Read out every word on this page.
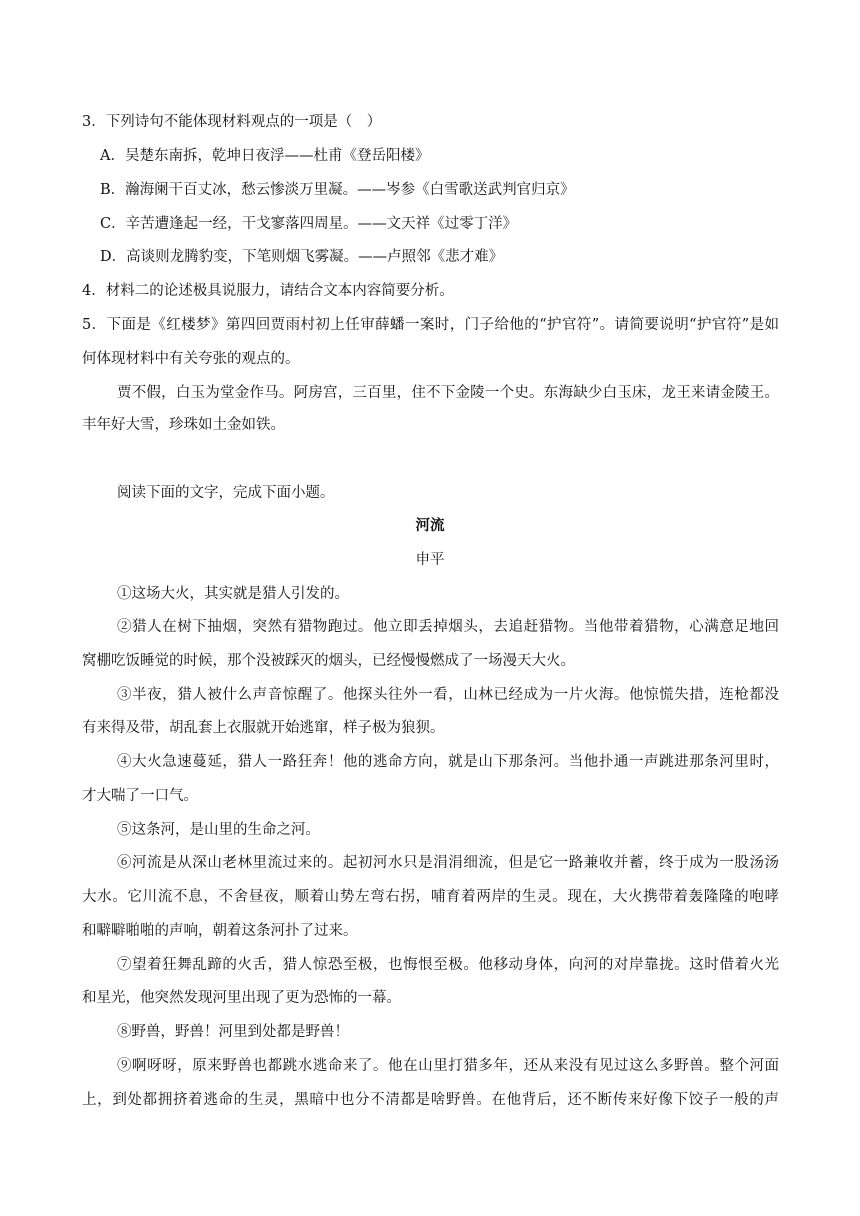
3．下列诗句不能体现材料观点的一项是（　）
A．吴楚东南拆，乾坤日夜浮——杜甫《登岳阳楼》
B．瀚海阑干百丈冰，愁云惨淡万里凝。——岑参《白雪歌送武判官归京》
C．辛苦遭逢起一经，干戈寥落四周星。——文天祥《过零丁洋》
D．高谈则龙腾豹变，下笔则烟飞雾凝。——卢照邻《悲才难》
4．材料二的论述极具说服力，请结合文本内容简要分析。
5．下面是《红楼梦》第四回贾雨村初上任审薛蟠一案时，门子给他的“护官符”。请简要说明“护官符”是如
何体现材料中有关夸张的观点的。
贾不假，白玉为堂金作马。阿房宫，三百里，住不下金陵一个史。东海缺少白玉床，龙王来请金陵王。
丰年好大雪，珍珠如土金如铁。
阅读下面的文字，完成下面小题。
河流
申平
①这场大火，其实就是猎人引发的。
②猎人在树下抽烟，突然有猎物跑过。他立即丢掉烟头，去追赶猎物。当他带着猎物，心满意足地回
窝棚吃饭睡觉的时候，那个没被踩灭的烟头，已经慢慢燃成了一场漫天大火。
③半夜，猎人被什么声音惊醒了。他探头往外一看，山林已经成为一片火海。他惊慌失措，连枪都没
有来得及带，胡乱套上衣服就开始逃窜，样子极为狼狈。
④大火急速蔓延，猎人一路狂奔！他的逃命方向，就是山下那条河。当他扑通一声跳进那条河里时，
才大喘了一口气。
⑤这条河，是山里的生命之河。
⑥河流是从深山老林里流过来的。起初河水只是涓涓细流，但是它一路兼收并蓄，终于成为一股汤汤
大水。它川流不息，不舍昼夜，顺着山势左弯右拐，哺育着两岸的生灵。现在，大火携带着轰隆隆的咆哮
和噼噼啪啪的声响，朝着这条河扑了过来。
⑦望着狂舞乱蹄的火舌，猎人惊恐至极，也悔恨至极。他移动身体，向河的对岸靠拢。这时借着火光
和星光，他突然发现河里出现了更为恐怖的一幕。
⑧野兽，野兽！河里到处都是野兽！
⑨啊呀呀，原来野兽也都跳水逃命来了。他在山里打猎多年，还从来没有见过这么多野兽。整个河面
上，到处都拥挤着逃命的生灵，黑暗中也分不清都是啥野兽。在他背后，还不断传来好像下饺子一般的声
